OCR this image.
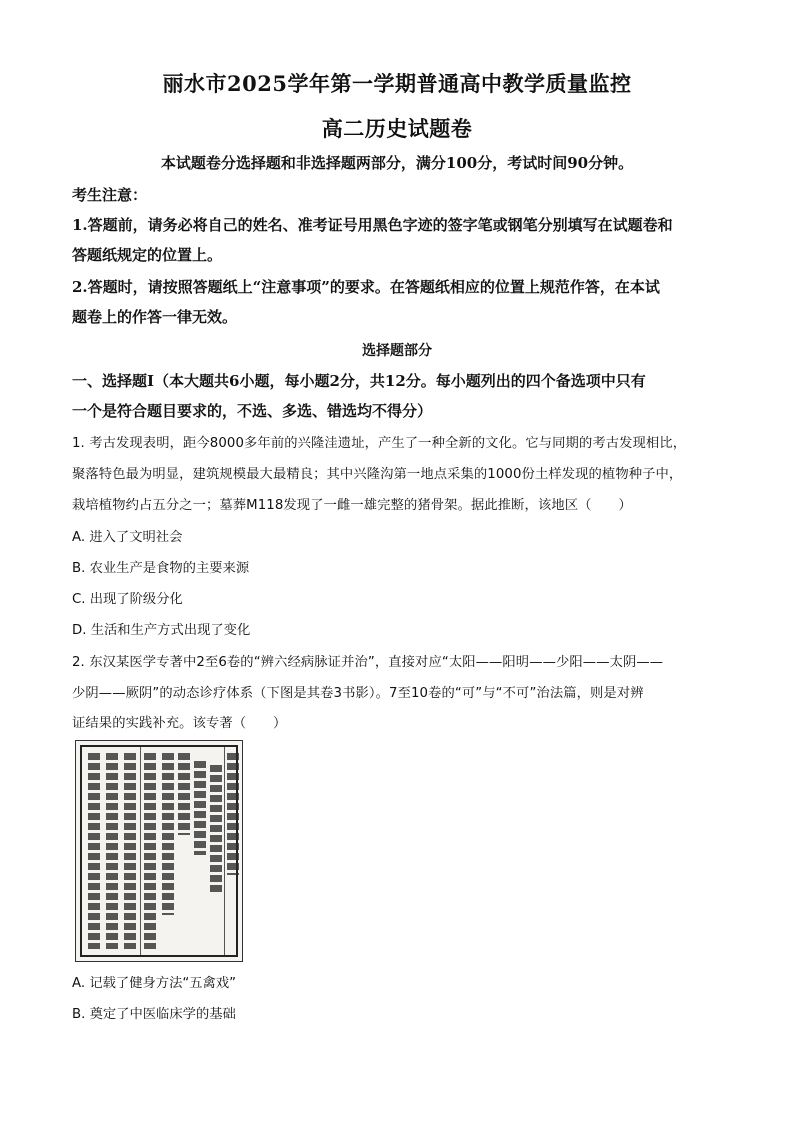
丽水市2025学年第一学期普通高中教学质量监控
高二历史试题卷
本试题卷分选择题和非选择题两部分，满分100分，考试时间90分钟。
考生注意：
1.答题前，请务必将自己的姓名、准考证号用黑色字迹的签字笔或钢笔分别填写在试题卷和
答题纸规定的位置上。
2.答题时，请按照答题纸上“注意事项”的要求。在答题纸相应的位置上规范作答，在本试
题卷上的作答一律无效。
选择题部分
一、选择题Ⅰ（本大题共6小题，每小题2分，共12分。每小题列出的四个备选项中只有
一个是符合题目要求的，不选、多选、错选均不得分）
1. 考古发现表明，距今8000多年前的兴隆洼遗址，产生了一种全新的文化。它与同期的考古发现相比，
聚落特色最为明显，建筑规模最大最精良；其中兴隆沟第一地点采集的1000份土样发现的植物种子中，
栽培植物约占五分之一；墓葬M118发现了一雌一雄完整的猪骨架。据此推断，该地区（　　）
A. 进入了文明社会
B. 农业生产是食物的主要来源
C. 出现了阶级分化
D. 生活和生产方式出现了变化
2. 东汉某医学专著中2至6卷的“辨六经病脉证并治”，直接对应“太阳——阳明——少阳——太阴——
少阴——厥阴”的动态诊疗体系（下图是其卷3书影）。7至10卷的“可”与“不可”治法篇，则是对辨
证结果的实践补充。该专著（　　）
A. 记载了健身方法“五禽戏”
B. 奠定了中医临床学的基础
